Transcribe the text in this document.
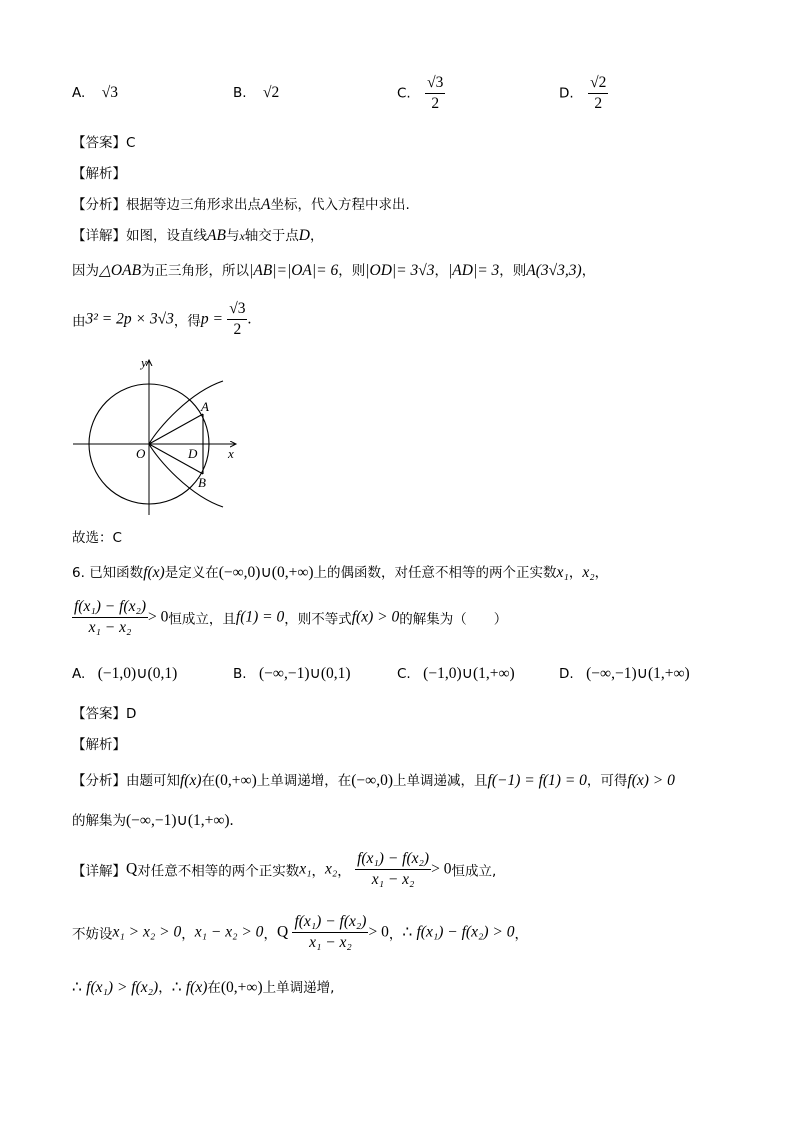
A. √3	B. √2	C. $\frac{√3}{2}$	D. $\frac{√2}{2}$
【答案】C
【解析】
【分析】根据等边三角形求出点A坐标，代入方程中求出.
【详解】如图，设直线AB与x轴交于点D，
因为△OAB为正三角形，所以|AB|=|OA|= 6，则|OD|= 3√3，|AD|= 3，则A(3√3,3)，
由3² = 2p × 3√3，得$p = \frac{√3}{2}$ .
y
x
O
A
B
D
故选：C
6. 已知函数f(x)是定义在(−∞,0)∪(0,+∞)上的偶函数，对任意不相等的两个正实数x₁，x₂，
$\frac{\text{f(x₁) − f(x₂)}}{\text{x₁ − x₂}} > 0$恒成立，且f(1) = 0，则不等式f(x) > 0的解集为（　　）
A. (−1,0)∪(0,1)	B. (−∞,−1)∪(0,1)	C. (−1,0)∪(1,+∞)	D. (−∞,−1)∪(1,+∞)
【答案】D
【解析】
【分析】由题可知f(x)在(0,+∞)上单调递增，在(−∞,0)上单调递减，且f(−1) = f(1) = 0，可得f(x) > 0
的解集为(−∞,−1)∪(1,+∞).
【详解】Q对任意不相等的两个正实数x₁，x₂， $\frac{\text{f(x₁) − f(x₂)}}{\text{x₁ − x₂}} > 0$恒成立,
不妨设x₁ > x₂ > 0，x₁ − x₂ > 0，Q $\frac{\text{f(x₁) − f(x₂)}}{\text{x₁ − x₂}} > 0$，∴ f(x₁) − f(x₂) > 0，
∴ f(x₁) > f(x₂)，∴ f(x)在(0,+∞)上单调递增,
